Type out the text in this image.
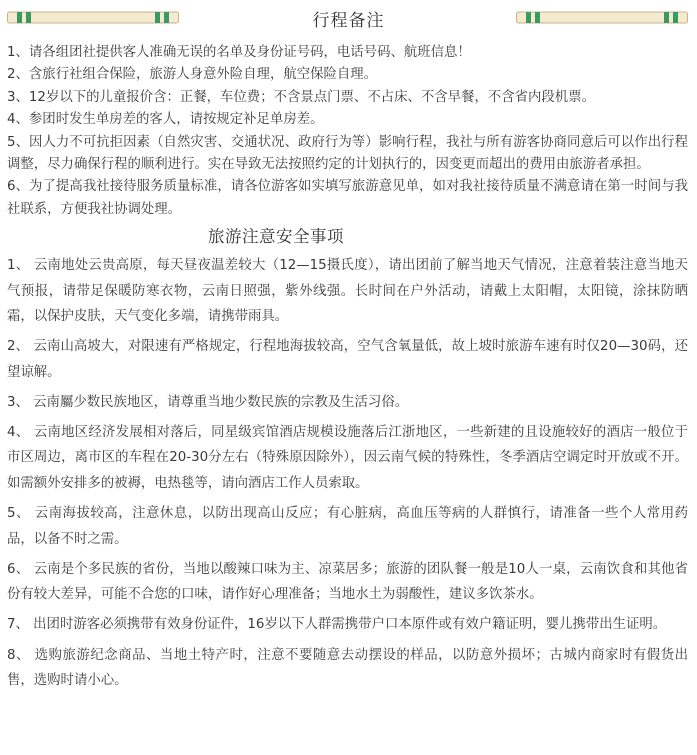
行程备注

1、请各组团社提供客人准确无误的名单及身份证号码，电话号码、航班信息！

2、含旅行社组合保险，旅游人身意外险自理，航空保险自理。

3、12岁以下的儿童报价含：正餐，车位费；不含景点门票、不占床、不含早餐，不含省内段机票。

4、参团时发生单房差的客人，请按规定补足单房差。

5、因人力不可抗拒因素（自然灾害、交通状况、政府行为等）影响行程，我社与所有游客协商同意后可以作出行程调整，尽力确保行程的顺利进行。实在导致无法按照约定的计划执行的，因变更而超出的费用由旅游者承担。

6、为了提高我社接待服务质量标准，请各位游客如实填写旅游意见单，如对我社接待质量不满意请在第一时间与我社联系，方便我社协调处理。

旅游注意安全事项

1、 云南地处云贵高原，每天昼夜温差较大（12—15摄氏度），请出团前了解当地天气情况，注意着装注意当地天气预报，请带足保暖防寒衣物，云南日照强，紫外线强。长时间在户外活动，请戴上太阳帽，太阳镜，涂抹防晒霜，以保护皮肤，天气变化多端，请携带雨具。

2、 云南山高坡大，对限速有严格规定，行程地海拔较高，空气含氧量低，故上坡时旅游车速有时仅20—30码，还望谅解。

3、 云南屬少数民族地区，请尊重当地少数民族的宗教及生活习俗。

4、 云南地区经济发展相对落后，同星级宾馆酒店规模设施落后江浙地区，一些新建的且设施较好的酒店一般位于市区周边，离市区的车程在20-30分左右（特殊原因除外），因云南气候的特殊性，冬季酒店空调定时开放或不开。如需额外安排多的被褥，电热毯等，请向酒店工作人员索取。

5、 云南海拔较高，注意休息，以防出现高山反应；有心脏病，高血压等病的人群慎行，请准备一些个人常用药品，以备不时之需。

6、 云南是个多民族的省份，当地以酸辣口味为主、凉菜居多；旅游的团队餐一般是10人一桌，云南饮食和其他省份有较大差异，可能不合您的口味，请作好心理准备；当地水土为弱酸性，建议多饮茶水。

7、 出团时游客必须携带有效身份证件，16岁以下人群需携带户口本原件或有效户籍证明，婴儿携带出生证明。

8、 选购旅游纪念商品、当地土特产时，注意不要随意去动摆设的样品，以防意外损坏；古城内商家时有假货出售，选购时请小心。
